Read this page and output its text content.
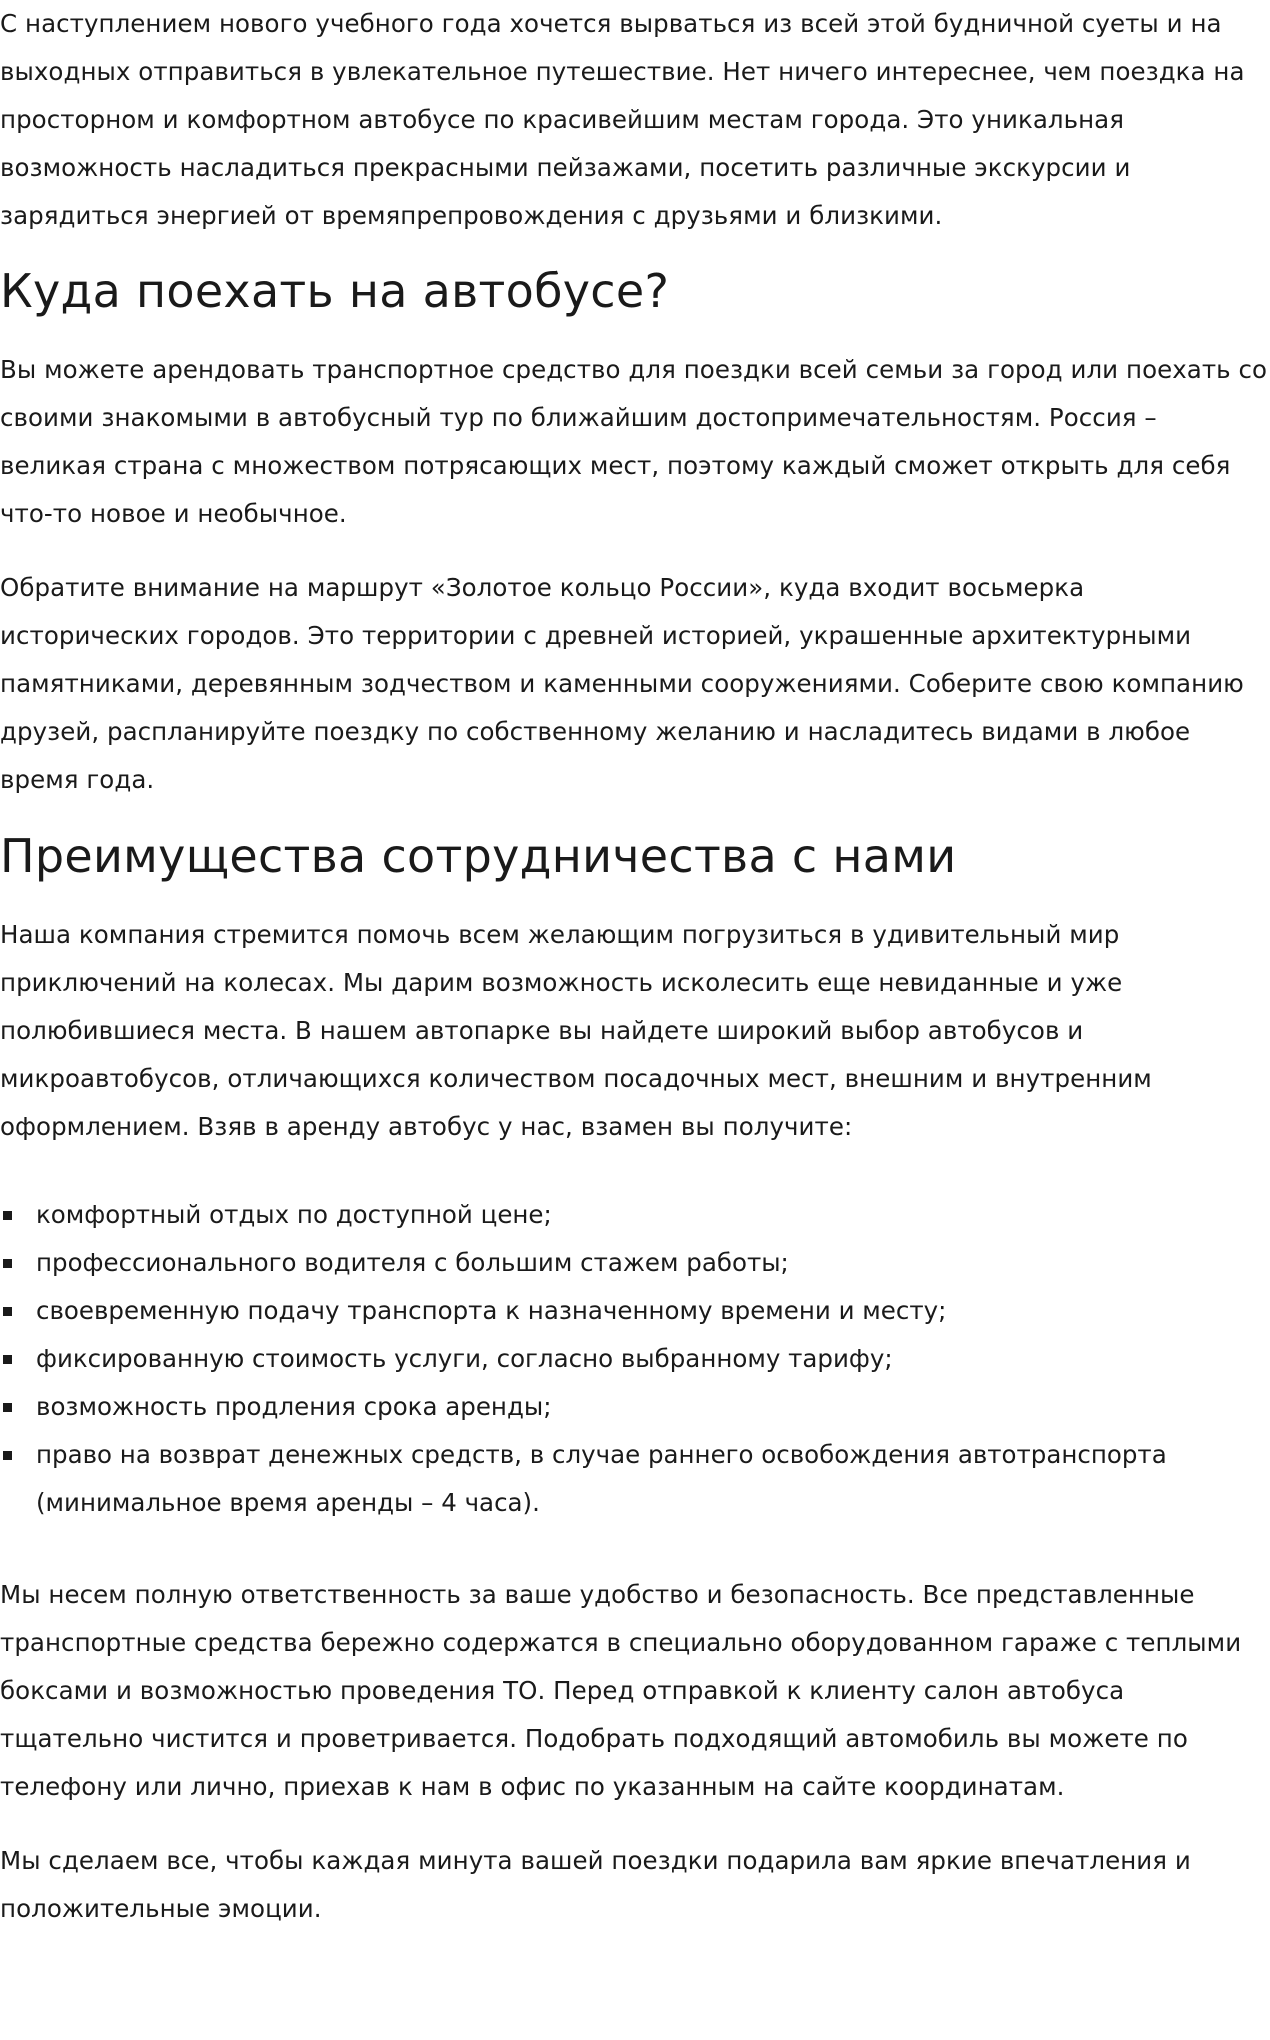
С наступлением нового учебного года хочется вырваться из всей этой будничной суеты и на выходных отправиться в увлекательное путешествие. Нет ничего интереснее, чем поездка на просторном и комфортном автобусе по красивейшим местам города. Это уникальная возможность насладиться прекрасными пейзажами, посетить различные экскурсии и зарядиться энергией от времяпрепровождения с друзьями и близкими.

Куда поехать на автобусе?

Вы можете арендовать транспортное средство для поездки всей семьи за город или поехать со своими знакомыми в автобусный тур по ближайшим достопримечательностям. Россия – великая страна с множеством потрясающих мест, поэтому каждый сможет открыть для себя что-то новое и необычное.

Обратите внимание на маршрут «Золотое кольцо России», куда входит восьмерка исторических городов. Это территории с древней историей, украшенные архитектурными памятниками, деревянным зодчеством и каменными сооружениями. Соберите свою компанию друзей, распланируйте поездку по собственному желанию и насладитесь видами в любое время года.

Преимущества сотрудничества с нами

Наша компания стремится помочь всем желающим погрузиться в удивительный мир приключений на колесах. Мы дарим возможность исколесить еще невиданные и уже полюбившиеся места. В нашем автопарке вы найдете широкий выбор автобусов и микроавтобусов, отличающихся количеством посадочных мест, внешним и внутренним оформлением. Взяв в аренду автобус у нас, взамен вы получите:

комфортный отдых по доступной цене;
профессионального водителя с большим стажем работы;
своевременную подачу транспорта к назначенному времени и месту;
фиксированную стоимость услуги, согласно выбранному тарифу;
возможность продления срока аренды;
право на возврат денежных средств, в случае раннего освобождения автотранспорта (минимальное время аренды – 4 часа).

Мы несем полную ответственность за ваше удобство и безопасность. Все представленные транспортные средства бережно содержатся в специально оборудованном гараже с теплыми боксами и возможностью проведения ТО. Перед отправкой к клиенту салон автобуса тщательно чистится и проветривается. Подобрать подходящий автомобиль вы можете по телефону или лично, приехав к нам в офис по указанным на сайте координатам.

Мы сделаем все, чтобы каждая минута вашей поездки подарила вам яркие впечатления и положительные эмоции.
